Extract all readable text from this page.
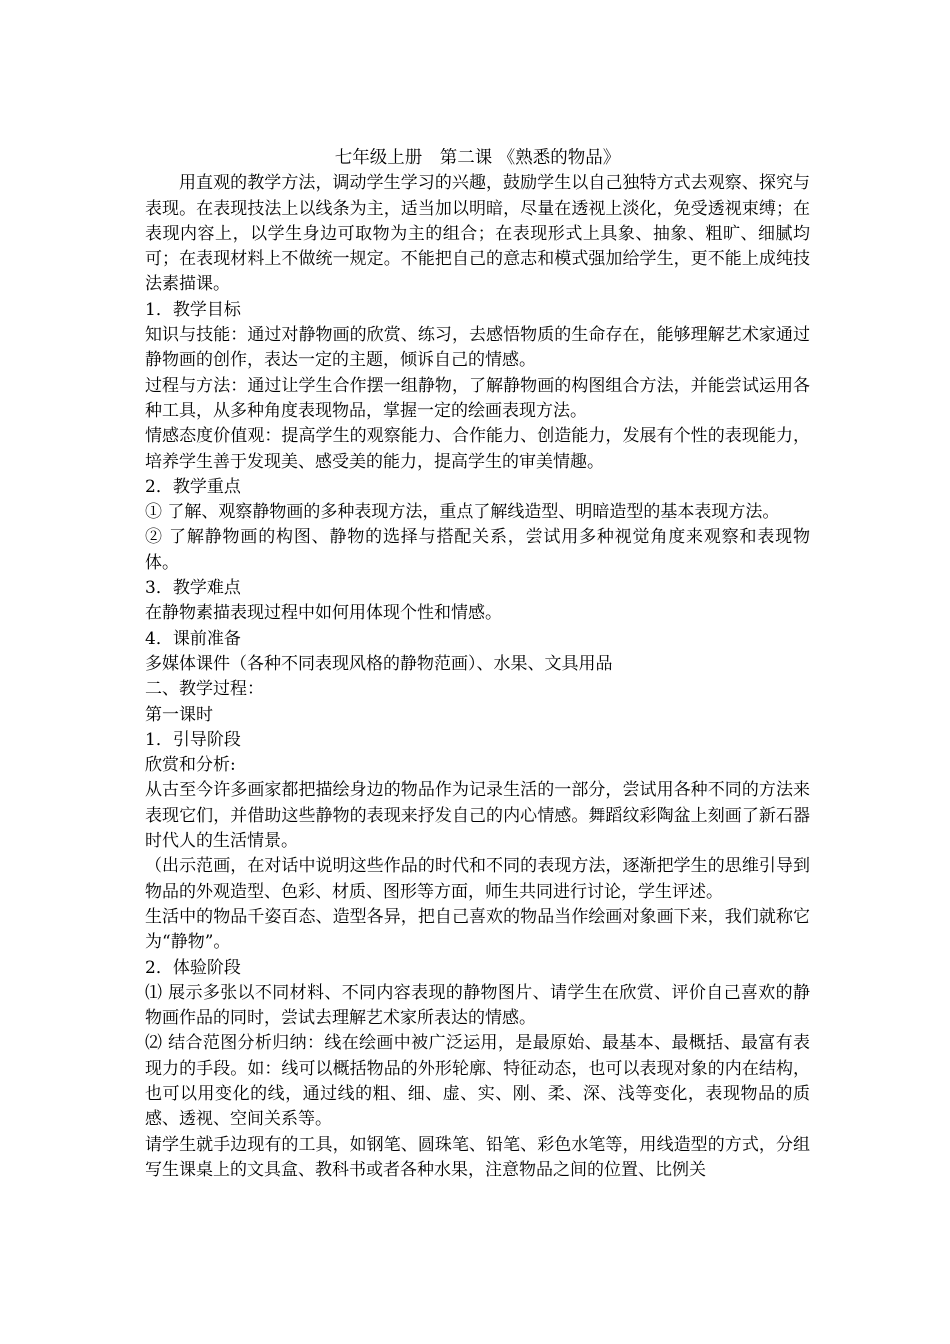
七年级上册　第二课 《熟悉的物品》

用直观的教学方法，调动学生学习的兴趣，鼓励学生以自己独特方式去观察、探究与表现。在表现技法上以线条为主，适当加以明暗，尽量在透视上淡化，免受透视束缚；在表现内容上，以学生身边可取物为主的组合；在表现形式上具象、抽象、粗旷、细腻均可；在表现材料上不做统一规定。不能把自己的意志和模式强加给学生，更不能上成纯技法素描课。

1．教学目标

知识与技能：通过对静物画的欣赏、练习，去感悟物质的生命存在，能够理解艺术家通过静物画的创作，表达一定的主题，倾诉自己的情感。

过程与方法：通过让学生合作摆一组静物，了解静物画的构图组合方法，并能尝试运用各种工具，从多种角度表现物品，掌握一定的绘画表现方法。

情感态度价值观：提高学生的观察能力、合作能力、创造能力，发展有个性的表现能力，培养学生善于发现美、感受美的能力，提高学生的审美情趣。

2．教学重点

① 了解、观察静物画的多种表现方法，重点了解线造型、明暗造型的基本表现方法。

② 了解静物画的构图、静物的选择与搭配关系，尝试用多种视觉角度来观察和表现物体。

3．教学难点

在静物素描表现过程中如何用体现个性和情感。

4．课前准备

多媒体课件（各种不同表现风格的静物范画）、水果、文具用品

二、教学过程：

第一课时

1．引导阶段

欣赏和分析:

从古至今许多画家都把描绘身边的物品作为记录生活的一部分，尝试用各种不同的方法来表现它们，并借助这些静物的表现来抒发自己的内心情感。舞蹈纹彩陶盆上刻画了新石器时代人的生活情景。

（出示范画，在对话中说明这些作品的时代和不同的表现方法，逐渐把学生的思维引导到物品的外观造型、色彩、材质、图形等方面，师生共同进行讨论，学生评述。

生活中的物品千姿百态、造型各异，把自己喜欢的物品当作绘画对象画下来，我们就称它为“静物”。

2．体验阶段

⑴ 展示多张以不同材料、不同内容表现的静物图片、请学生在欣赏、评价自己喜欢的静物画作品的同时，尝试去理解艺术家所表达的情感。

⑵ 结合范图分析归纳：线在绘画中被广泛运用，是最原始、最基本、最概括、最富有表现力的手段。如：线可以概括物品的外形轮廓、特征动态，也可以表现对象的内在结构，也可以用变化的线，通过线的粗、细、虚、实、刚、柔、深、浅等变化，表现物品的质感、透视、空间关系等。

请学生就手边现有的工具，如钢笔、圆珠笔、铅笔、彩色水笔等，用线造型的方式，分组写生课桌上的文具盒、教科书或者各种水果，注意物品之间的位置、比例关
